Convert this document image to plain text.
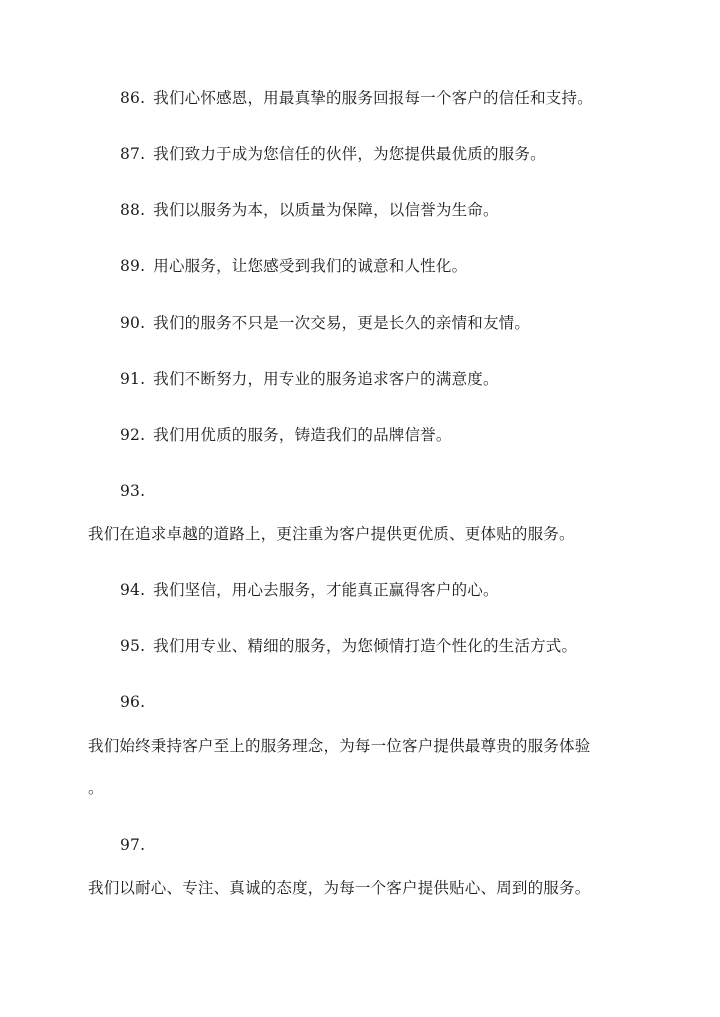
86. 我们心怀感恩，用最真挚的服务回报每一个客户的信任和支持。
87. 我们致力于成为您信任的伙伴，为您提供最优质的服务。
88. 我们以服务为本，以质量为保障，以信誉为生命。
89. 用心服务，让您感受到我们的诚意和人性化。
90. 我们的服务不只是一次交易，更是长久的亲情和友情。
91. 我们不断努力，用专业的服务追求客户的满意度。
92. 我们用优质的服务，铸造我们的品牌信誉。
93.
我们在追求卓越的道路上，更注重为客户提供更优质、更体贴的服务。
94. 我们坚信，用心去服务，才能真正赢得客户的心。
95. 我们用专业、精细的服务，为您倾情打造个性化的生活方式。
96.
我们始终秉持客户至上的服务理念，为每一位客户提供最尊贵的服务体验
。
97.
我们以耐心、专注、真诚的态度，为每一个客户提供贴心、周到的服务。
